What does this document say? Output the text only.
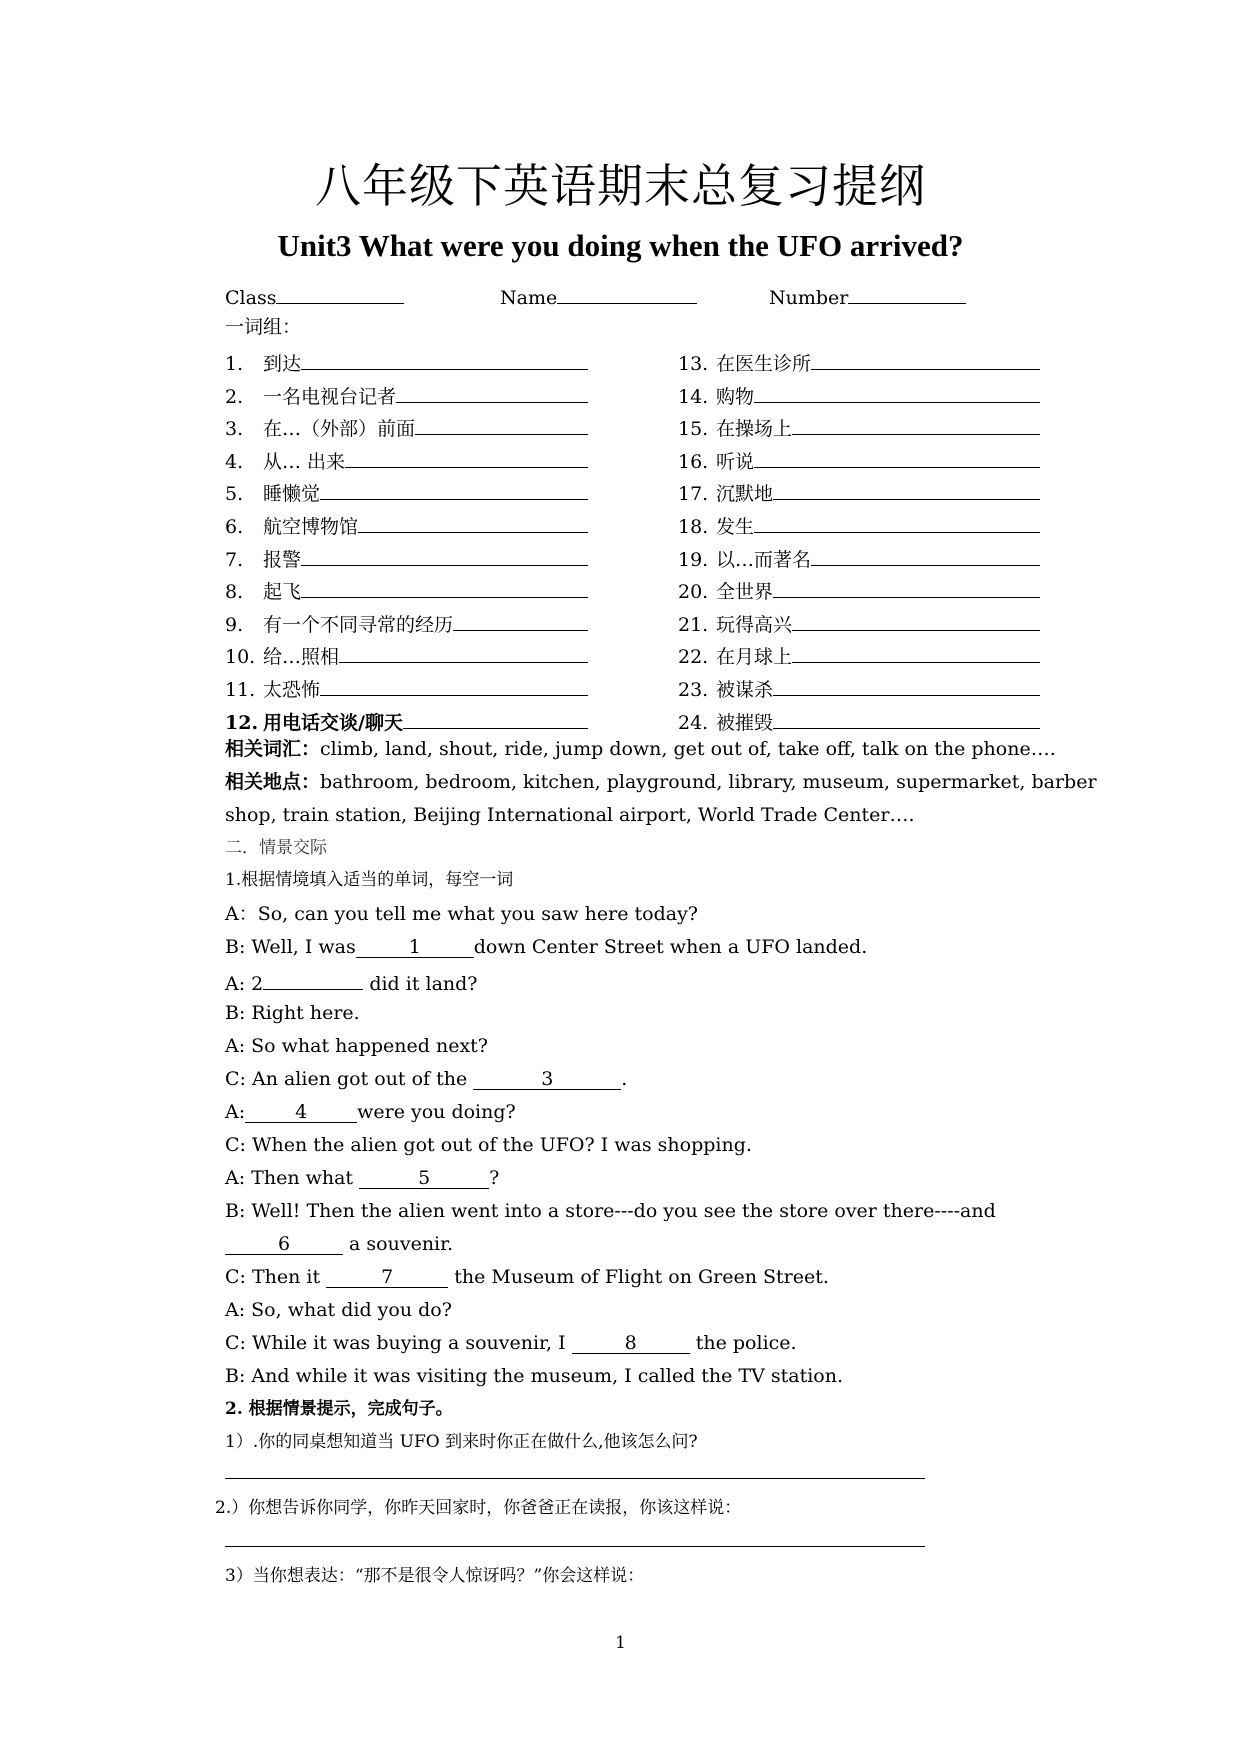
八年级下英语期末总复习提纲
Unit3 What were you doing when the UFO arrived?
Class	Name	Number
一词组：
1. 到达
2. 一名电视台记者
3. 在…（外部）前面
4. 从… 出来
5. 睡懒觉
6. 航空博物馆
7. 报警
8. 起飞
9. 有一个不同寻常的经历
10. 给…照相
11. 太恐怖
12. 用电话交谈/聊天
13. 在医生诊所
14. 购物
15. 在操场上
16. 听说
17. 沉默地
18. 发生
19. 以…而著名
20. 全世界
21. 玩得高兴
22. 在月球上
23. 被谋杀
24. 被摧毁
相关词汇：climb, land, shout, ride, jump down, get out of, take off, talk on the phone….
相关地点：bathroom, bedroom, kitchen, playground, library, museum, supermarket, barber
shop, train station, Beijing International airport, World Trade Center….
二．情景交际
1.根据情境填入适当的单词，每空一词
A：So, can you tell me what you saw here today?
B: Well, I was	1	down Center Street when a UFO landed.
A: 2	did it land?
B: Right here.
A: So what happened next?
C: An alien got out of the	3	.
A:	4	were you doing?
C: When the alien got out of the UFO? I was shopping.
A: Then what	5	?
B: Well! Then the alien went into a store---do you see the store over there----and
6	a souvenir.
C: Then it	7	the Museum of Flight on Green Street.
A: So, what did you do?
C: While it was buying a souvenir, I	8	the police.
B: And while it was visiting the museum, I called the TV station.
2. 根据情景提示，完成句子。
1）.你的同桌想知道当 UFO 到来时你正在做什么,他该怎么问?
2.）你想告诉你同学，你昨天回家时，你爸爸正在读报，你该这样说：
3）当你想表达：“那不是很令人惊讶吗？”你会这样说：
1
